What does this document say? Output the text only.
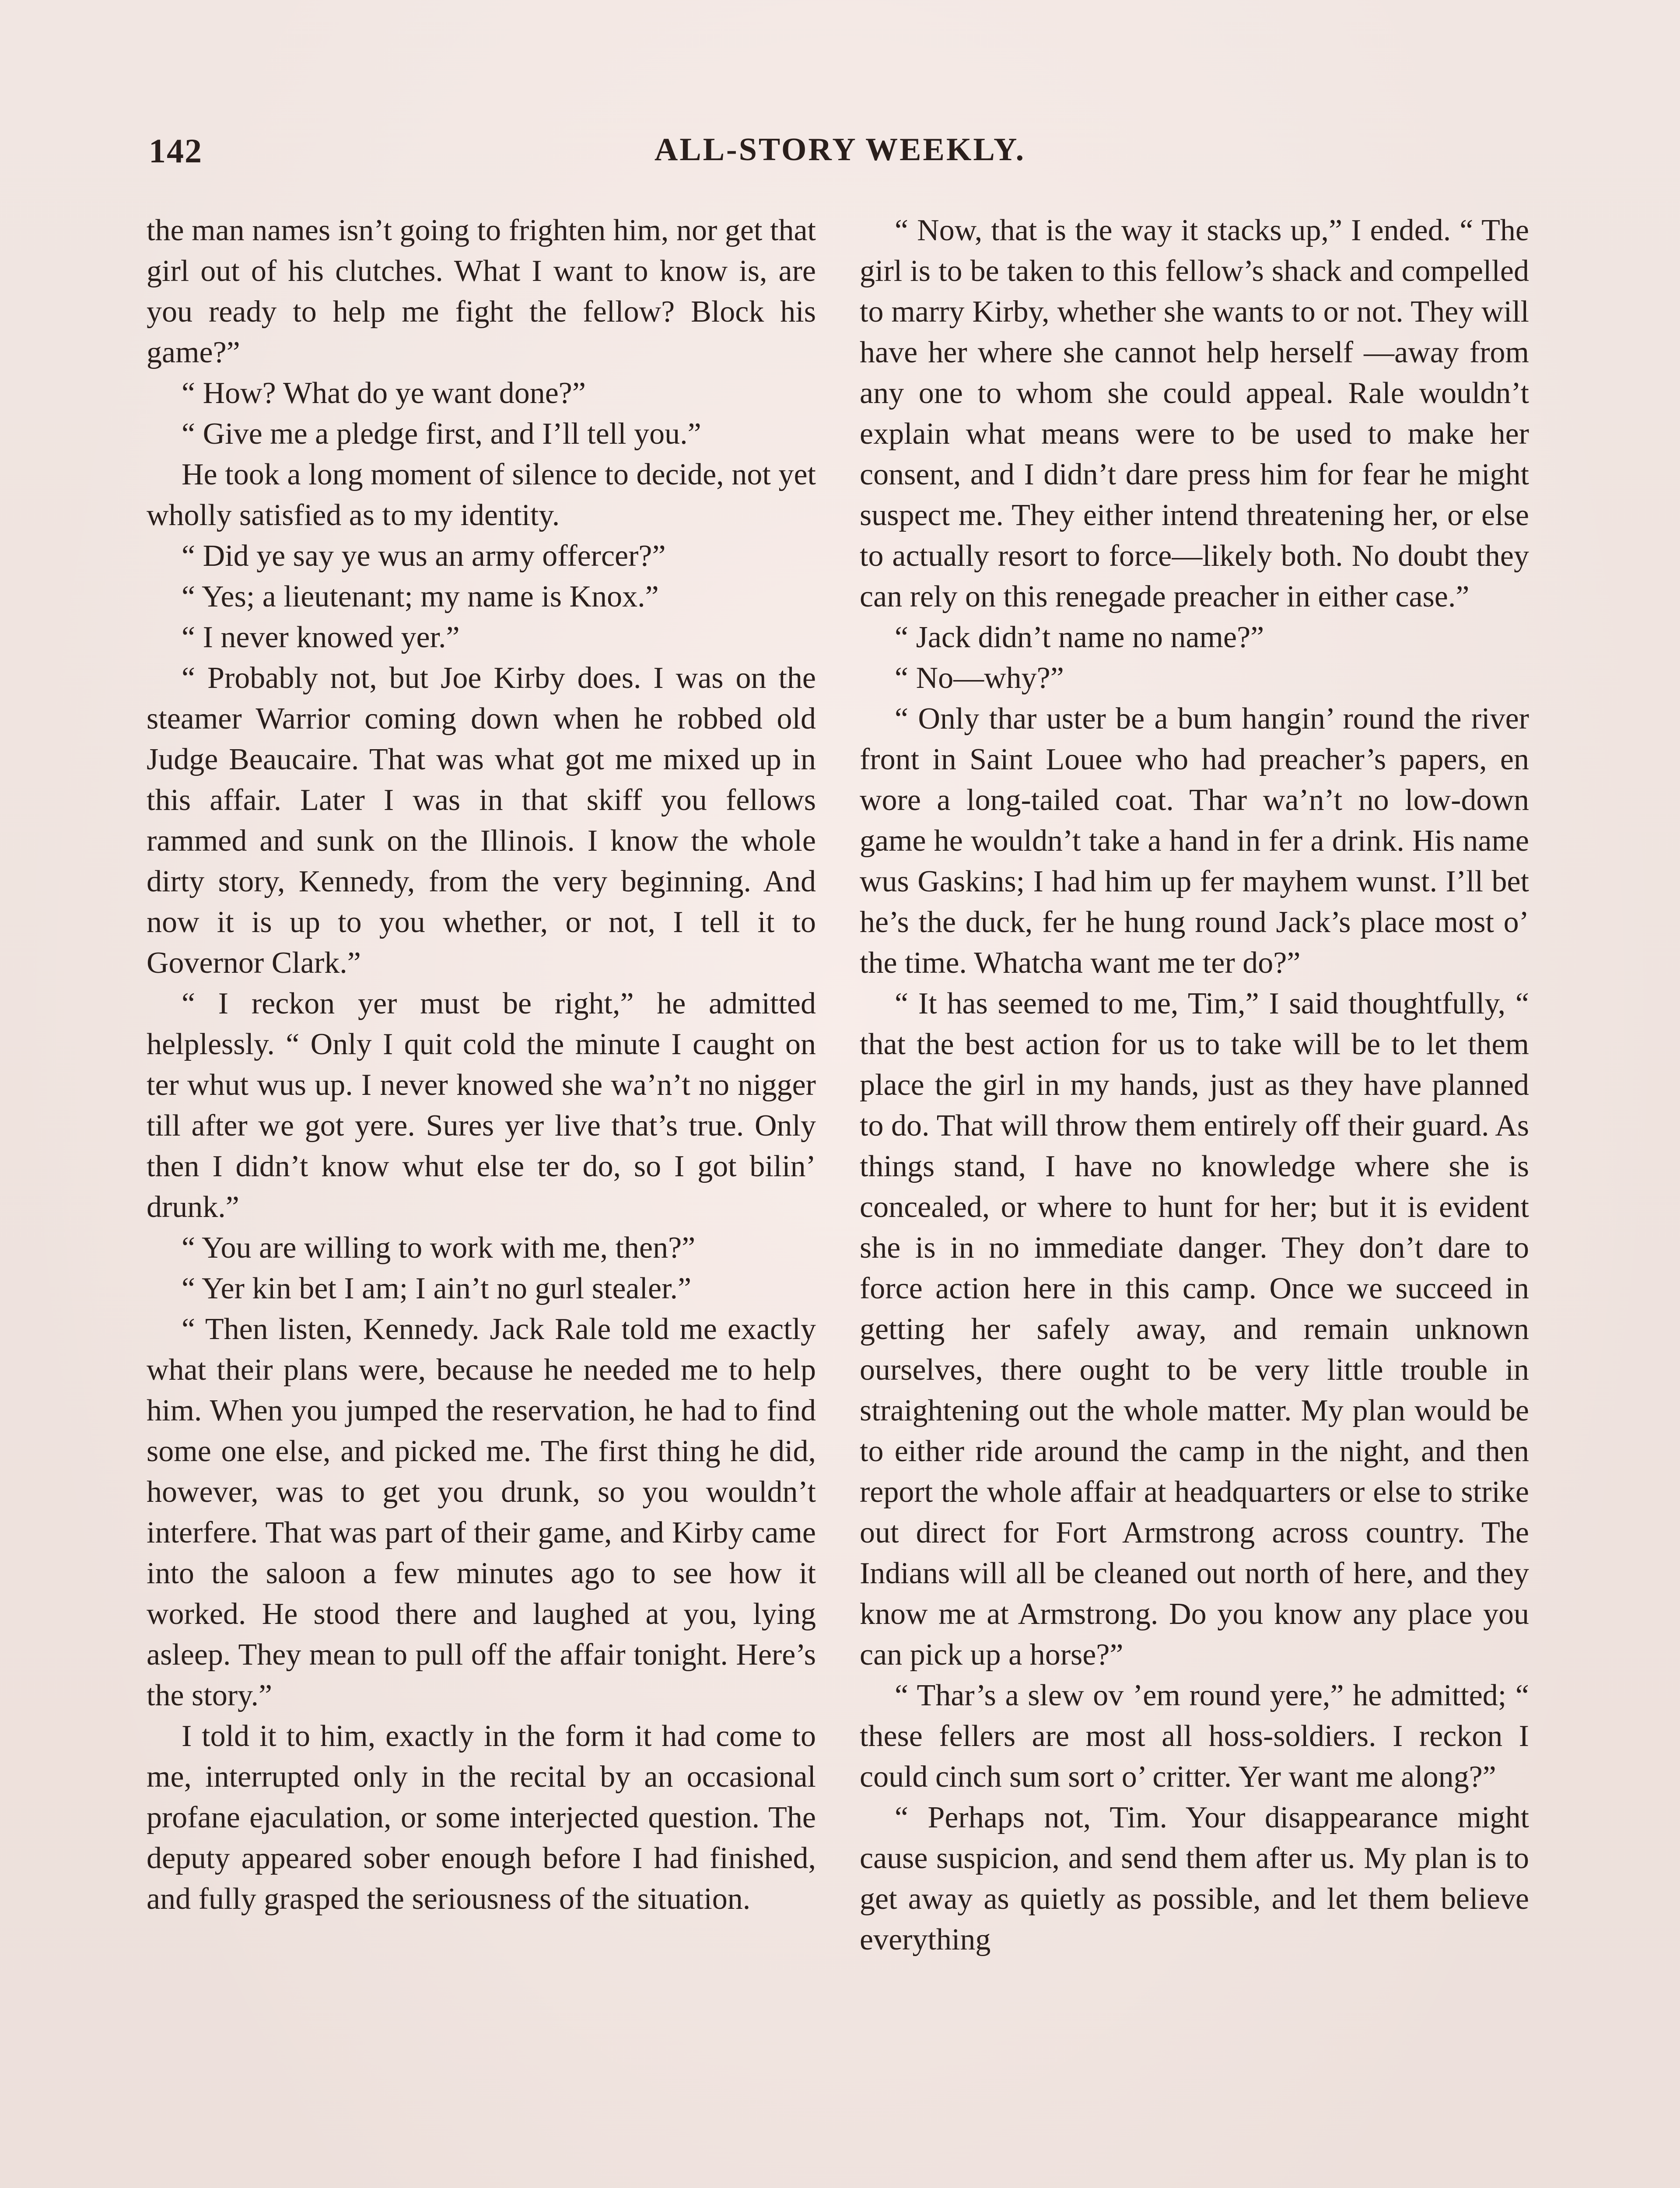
142	ALL-STORY WEEKLY.

the man names isn’t going to frighten him, nor get that girl out of his clutches. What I want to know is, are you ready to help me fight the fellow? Block his game?”

“ How? What do ye want done?”

“ Give me a pledge first, and I’ll tell you.”

He took a long moment of silence to decide, not yet wholly satisfied as to my identity.

“ Did ye say ye wus an army offercer?”

“ Yes; a lieutenant; my name is Knox.”

“ I never knowed yer.”

“ Probably not, but Joe Kirby does. I was on the steamer Warrior coming down when he robbed old Judge Beaucaire. That was what got me mixed up in this affair. Later I was in that skiff you fellows rammed and sunk on the Illinois. I know the whole dirty story, Kennedy, from the very beginning. And now it is up to you whether, or not, I tell it to Governor Clark.”

“ I reckon yer must be right,” he admitted helplessly. “ Only I quit cold the minute I caught on ter whut wus up. I never knowed she wa’n’t no nigger till after we got yere. Sures yer live that’s true. Only then I didn’t know whut else ter do, so I got bilin’ drunk.”

“ You are willing to work with me, then?”

“ Yer kin bet I am; I ain’t no gurl stealer.”

“ Then listen, Kennedy. Jack Rale told me exactly what their plans were, because he needed me to help him. When you jumped the reservation, he had to find some one else, and picked me. The first thing he did, however, was to get you drunk, so you wouldn’t interfere. That was part of their game, and Kirby came into the saloon a few minutes ago to see how it worked. He stood there and laughed at you, lying asleep. They mean to pull off the affair tonight. Here’s the story.”

I told it to him, exactly in the form it had come to me, interrupted only in the recital by an occasional profane ejaculation, or some interjected question. The deputy appeared sober enough before I had finished, and fully grasped the seriousness of the situation.

“ Now, that is the way it stacks up,” I ended. “ The girl is to be taken to this fellow’s shack and compelled to marry Kirby, whether she wants to or not. They will have her where she cannot help herself —away from any one to whom she could appeal. Rale wouldn’t explain what means were to be used to make her consent, and I didn’t dare press him for fear he might suspect me. They either intend threatening her, or else to actually resort to force—likely both. No doubt they can rely on this renegade preacher in either case.”

“ Jack didn’t name no name?”

“ No—why?”

“ Only thar uster be a bum hangin’ round the river front in Saint Louee who had preacher’s papers, en wore a long-tailed coat. Thar wa’n’t no low-down game he wouldn’t take a hand in fer a drink. His name wus Gaskins; I had him up fer mayhem wunst. I’ll bet he’s the duck, fer he hung round Jack’s place most o’ the time. Whatcha want me ter do?”

“ It has seemed to me, Tim,” I said thoughtfully, “ that the best action for us to take will be to let them place the girl in my hands, just as they have planned to do. That will throw them entirely off their guard. As things stand, I have no knowledge where she is concealed, or where to hunt for her; but it is evident she is in no immediate danger. They don’t dare to force action here in this camp. Once we succeed in getting her safely away, and remain unknown ourselves, there ought to be very little trouble in straightening out the whole matter. My plan would be to either ride around the camp in the night, and then report the whole affair at headquarters or else to strike out direct for Fort Armstrong across country. The Indians will all be cleaned out north of here, and they know me at Armstrong. Do you know any place you can pick up a horse?”

“ Thar’s a slew ov ’em round yere,” he admitted; “ these fellers are most all hoss-soldiers. I reckon I could cinch sum sort o’ critter. Yer want me along?”

“ Perhaps not, Tim. Your disappearance might cause suspicion, and send them after us. My plan is to get away as quietly as possible, and let them believe everything
